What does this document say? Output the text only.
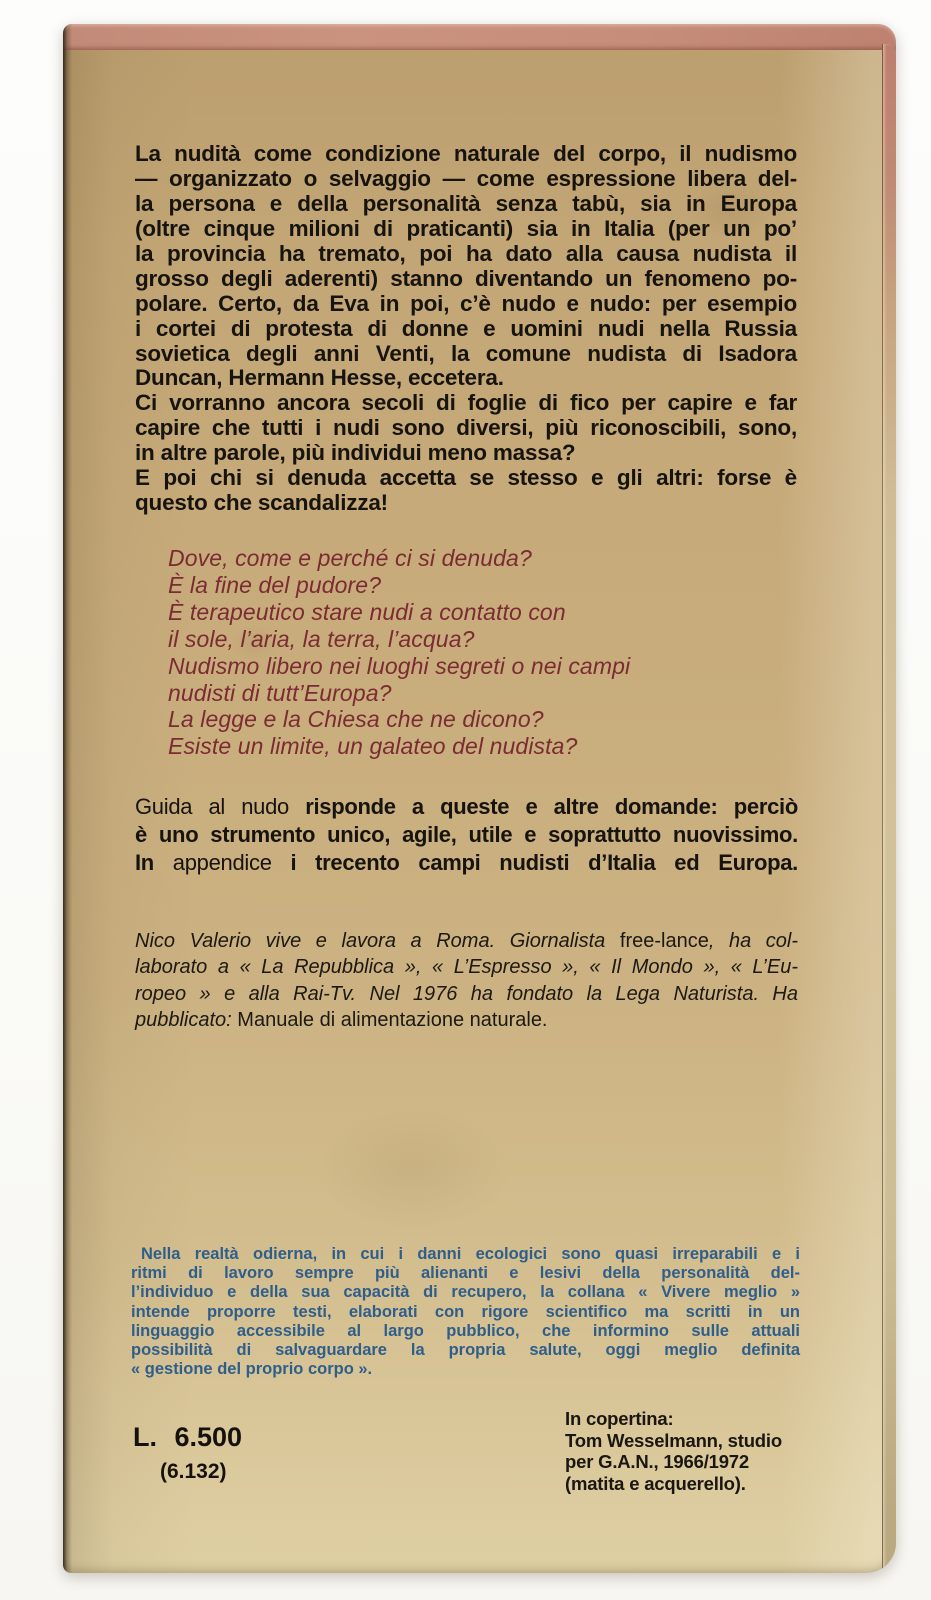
La nudità come condizione naturale del corpo, il nudismo
— organizzato o selvaggio — come espressione libera del-
la persona e della personalità senza tabù, sia in Europa
(oltre cinque milioni di praticanti) sia in Italia (per un po’
la provincia ha tremato, poi ha dato alla causa nudista il
grosso degli aderenti) stanno diventando un fenomeno po-
polare. Certo, da Eva in poi, c’è nudo e nudo: per esempio
i cortei di protesta di donne e uomini nudi nella Russia
sovietica degli anni Venti, la comune nudista di Isadora
Duncan, Hermann Hesse, eccetera.
Ci vorranno ancora secoli di foglie di fico per capire e far
capire che tutti i nudi sono diversi, più riconoscibili, sono,
in altre parole, più individui meno massa?
E poi chi si denuda accetta se stesso e gli altri: forse è
questo che scandalizza!
Dove, come e perché ci si denuda?
È la fine del pudore?
È terapeutico stare nudi a contatto con
il sole, l’aria, la terra, l’acqua?
Nudismo libero nei luoghi segreti o nei campi
nudisti di tutt’Europa?
La legge e la Chiesa che ne dicono?
Esiste un limite, un galateo del nudista?
Guida al nudo risponde a queste e altre domande: perciò
è uno strumento unico, agile, utile e soprattutto nuovissimo.
In appendice i trecento campi nudisti d’Italia ed Europa.
Nico Valerio vive e lavora a Roma. Giornalista free-lance, ha col-
laborato a « La Repubblica », « L’Espresso », « Il Mondo », « L’Eu-
ropeo » e alla Rai-Tv. Nel 1976 ha fondato la Lega Naturista. Ha
pubblicato: Manuale di alimentazione naturale.
Nella realtà odierna, in cui i danni ecologici sono quasi irreparabili e i
ritmi di lavoro sempre più alienanti e lesivi della personalità del-
l’individuo e della sua capacità di recupero, la collana « Vivere meglio »
intende proporre testi, elaborati con rigore scientifico ma scritti in un
linguaggio accessibile al largo pubblico, che informino sulle attuali
possibilità di salvaguardare la propria salute, oggi meglio definita
« gestione del proprio corpo ».
L. 6.500
(6.132)
In copertina:
Tom Wesselmann, studio
per G.A.N., 1966/1972
(matita e acquerello).
